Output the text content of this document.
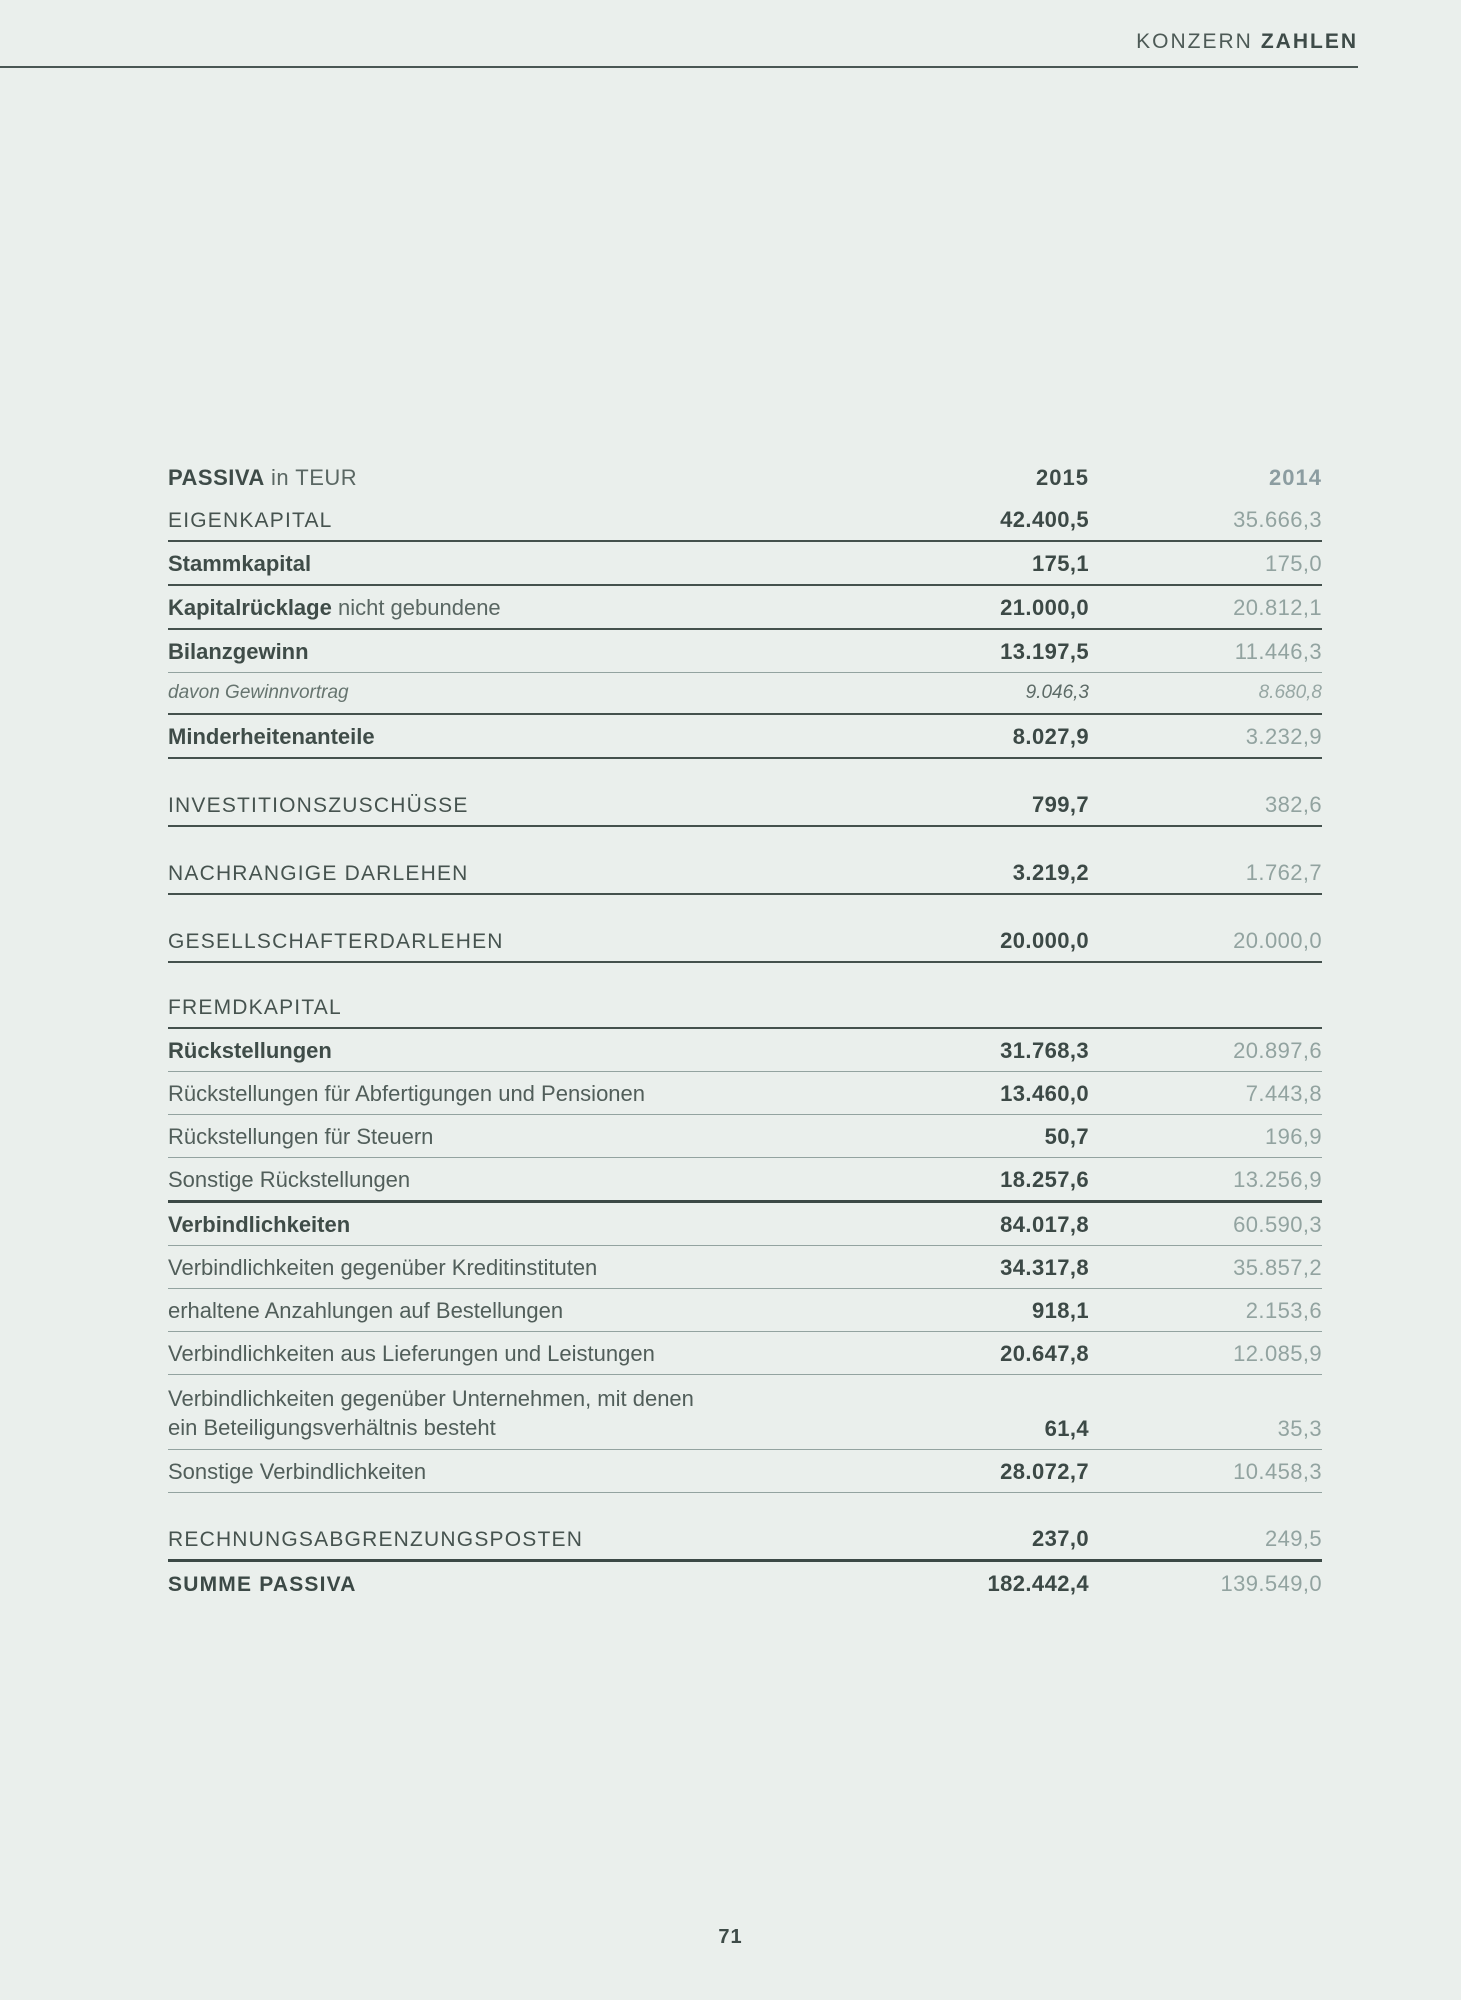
KONZERN ZAHLEN
PASSIVA in TEUR	2015	2014
EIGENKAPITAL	42.400,5	35.666,3
Stammkapital	175,1	175,0
Kapitalrücklage nicht gebundene	21.000,0	20.812,1
Bilanzgewinn	13.197,5	11.446,3
davon Gewinnvortrag	9.046,3	8.680,8
Minderheitenanteile	8.027,9	3.232,9
INVESTITIONSZUSCHÜSSE	799,7	382,6
NACHRANGIGE DARLEHEN	3.219,2	1.762,7
GESELLSCHAFTERDARLEHEN	20.000,0	20.000,0
FREMDKAPITAL
Rückstellungen	31.768,3	20.897,6
Rückstellungen für Abfertigungen und Pensionen	13.460,0	7.443,8
Rückstellungen für Steuern	50,7	196,9
Sonstige Rückstellungen	18.257,6	13.256,9
Verbindlichkeiten	84.017,8	60.590,3
Verbindlichkeiten gegenüber Kreditinstituten	34.317,8	35.857,2
erhaltene Anzahlungen auf Bestellungen	918,1	2.153,6
Verbindlichkeiten aus Lieferungen und Leistungen	20.647,8	12.085,9
Verbindlichkeiten gegenüber Unternehmen, mit denen
ein Beteiligungsverhältnis besteht	61,4	35,3
Sonstige Verbindlichkeiten	28.072,7	10.458,3
RECHNUNGSABGRENZUNGSPOSTEN	237,0	249,5
SUMME PASSIVA	182.442,4	139.549,0
71
